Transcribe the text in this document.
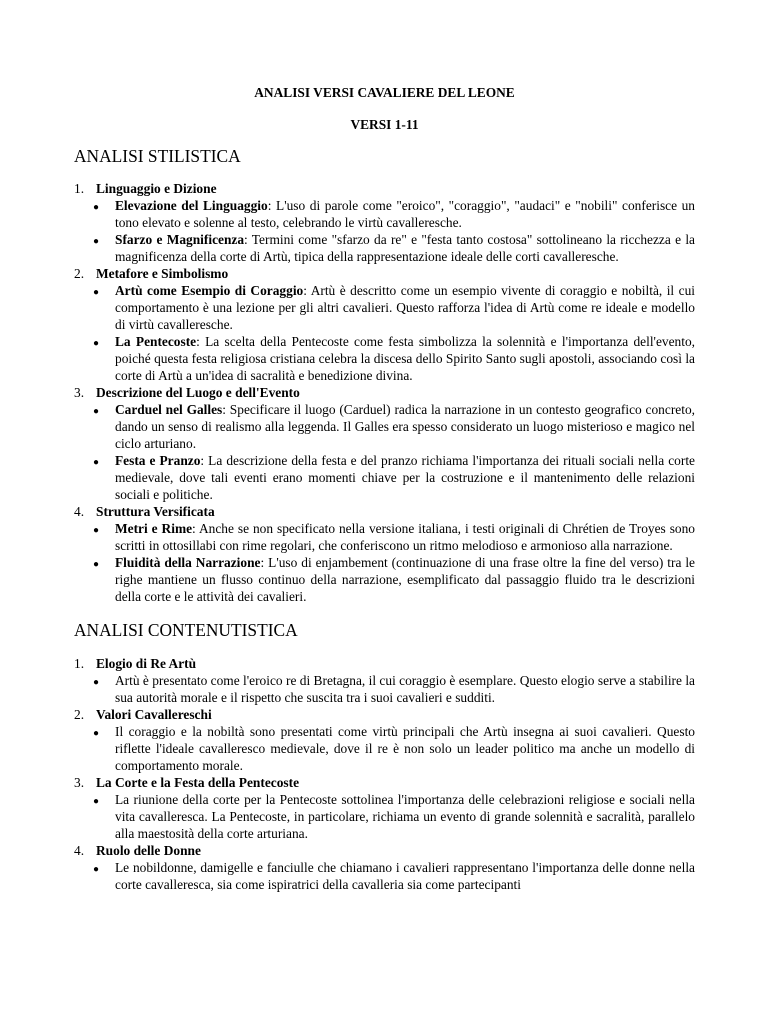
ANALISI VERSI CAVALIERE DEL LEONE

VERSI 1-11

ANALISI STILISTICA
1. Linguaggio e Dizione
●	Elevazione del Linguaggio: L'uso di parole come "eroico", "coraggio", "audaci" e "nobili" conferisce un tono elevato e solenne al testo, celebrando le virtù cavalleresche.
●	Sfarzo e Magnificenza: Termini come "sfarzo da re" e "festa tanto costosa" sottolineano la ricchezza e la magnificenza della corte di Artù, tipica della rappresentazione ideale delle corti cavalleresche.
2. Metafore e Simbolismo
●	Artù come Esempio di Coraggio: Artù è descritto come un esempio vivente di coraggio e nobiltà, il cui comportamento è una lezione per gli altri cavalieri. Questo rafforza l'idea di Artù come re ideale e modello di virtù cavalleresche.
●	La Pentecoste: La scelta della Pentecoste come festa simbolizza la solennità e l'importanza dell'evento, poiché questa festa religiosa cristiana celebra la discesa dello Spirito Santo sugli apostoli, associando così la corte di Artù a un'idea di sacralità e benedizione divina.
3. Descrizione del Luogo e dell'Evento
●	Carduel nel Galles: Specificare il luogo (Carduel) radica la narrazione in un contesto geografico concreto, dando un senso di realismo alla leggenda. Il Galles era spesso considerato un luogo misterioso e magico nel ciclo arturiano.
●	Festa e Pranzo: La descrizione della festa e del pranzo richiama l'importanza dei rituali sociali nella corte medievale, dove tali eventi erano momenti chiave per la costruzione e il mantenimento delle relazioni sociali e politiche.
4. Struttura Versificata
●	Metri e Rime: Anche se non specificato nella versione italiana, i testi originali di Chrétien de Troyes sono scritti in ottosillabi con rime regolari, che conferiscono un ritmo melodioso e armonioso alla narrazione.
●	Fluidità della Narrazione: L'uso di enjambement (continuazione di una frase oltre la fine del verso) tra le righe mantiene un flusso continuo della narrazione, esemplificato dal passaggio fluido tra le descrizioni della corte e le attività dei cavalieri.
ANALISI CONTENUTISTICA
1. Elogio di Re Artù
●	Artù è presentato come l'eroico re di Bretagna, il cui coraggio è esemplare. Questo elogio serve a stabilire la sua autorità morale e il rispetto che suscita tra i suoi cavalieri e sudditi.
2. Valori Cavallereschi
●	Il coraggio e la nobiltà sono presentati come virtù principali che Artù insegna ai suoi cavalieri. Questo riflette l'ideale cavalleresco medievale, dove il re è non solo un leader politico ma anche un modello di comportamento morale.
3. La Corte e la Festa della Pentecoste
●	La riunione della corte per la Pentecoste sottolinea l'importanza delle celebrazioni religiose e sociali nella vita cavalleresca. La Pentecoste, in particolare, richiama un evento di grande solennità e sacralità, parallelo alla maestosità della corte arturiana.
4. Ruolo delle Donne
●	Le nobildonne, damigelle e fanciulle che chiamano i cavalieri rappresentano l'importanza delle donne nella corte cavalleresca, sia come ispiratrici della cavalleria sia come partecipanti
